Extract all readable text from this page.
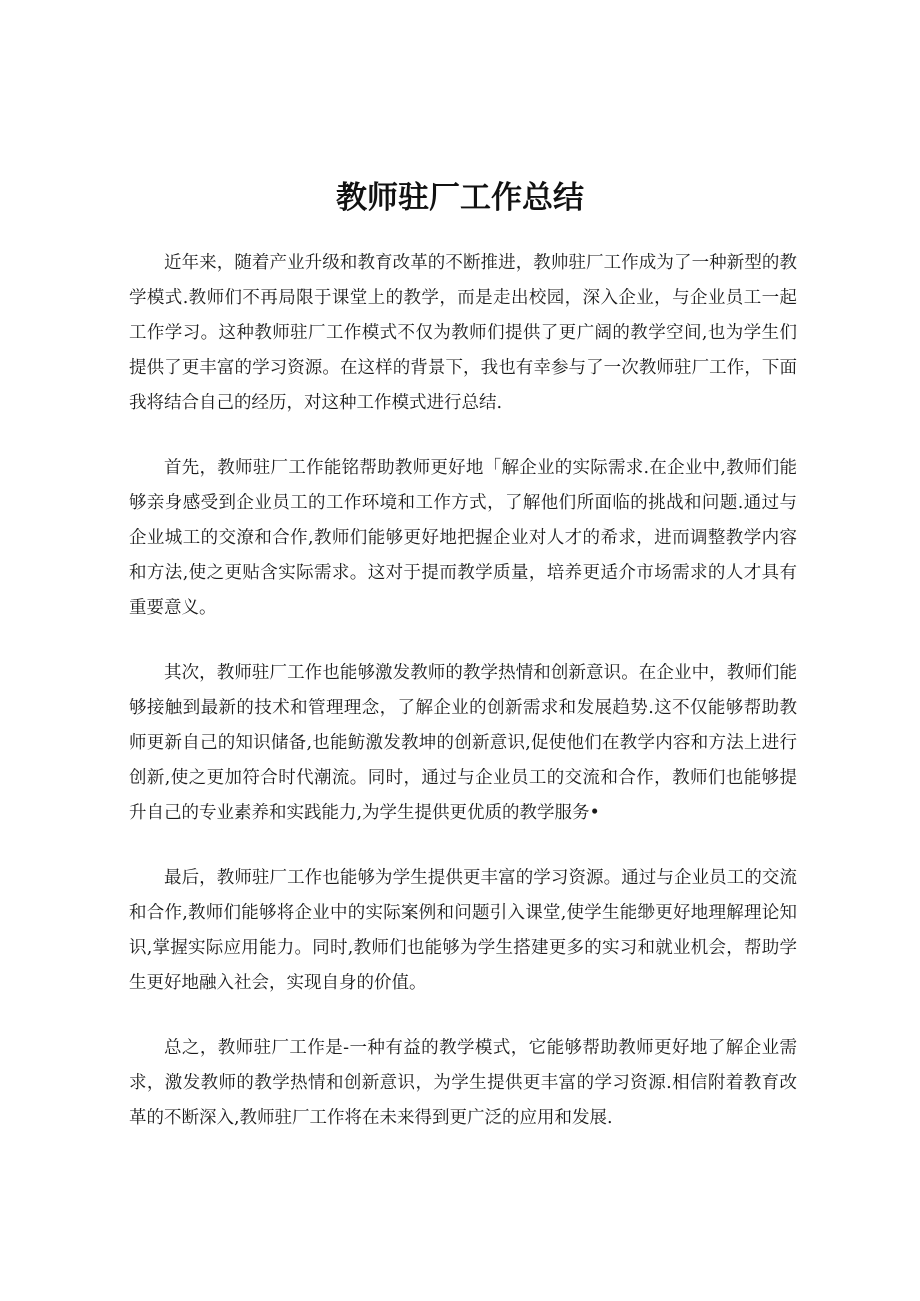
教师驻厂工作总结

近年来，随着产业升级和教育改革的不断推进，教帅驻厂工作成为了一种新型的教学模式.教师们不再局限于课堂上的教学，而是走出校园，深入企业，与企业员工一起工作学习。这种教师驻厂工作模式不仅为教师们提供了更广阔的教学空间,也为学生们提供了更丰富的学习资源。在这样的背景下，我也有幸参与了一次教师驻厂工作，下面我将结合自己的经历，对这种工作模式进行总结.

首先，教师驻厂工作能铭帮助教师更好地「解企业的实际需求.在企业中,教师们能够亲身感受到企业员工的工作环境和工作方式，了解他们所面临的挑战和问题.通过与企业城工的交潦和合作,教师们能够更好地把握企业对人才的希求，进而调整教学内容和方法,使之更贴含实际需求。这对于提而教学质量，培养更适介市场需求的人才具有重要意义。

其次，教师驻厂工作也能够激发教师的教学热情和创新意识。在企业中，教师们能够接触到最新的技术和管理理念，了解企业的创新需求和发展趋势.这不仅能够帮助教师更新自己的知识储备,也能鲂激发教坤的创新意识,促使他们在教学内容和方法上进行创新,使之更加符合时代潮流。同时，通过与企业员工的交流和合作，教师们也能够提升自己的专业素养和实践能力,为学生提供更优质的教学服务•

最后，教师驻厂工作也能够为学生提供更丰富的学习资源。通过与企业员工的交流和合作,教师们能够将企业中的实际案例和问题引入课堂,使学生能缈更好地理解理论知识,掌握实际应用能力。同时,教师们也能够为学生搭建更多的实习和就业机会，帮助学生更好地融入社会，实现自身的价值。

总之，教师驻厂工作是-一种有益的教学模式，它能够帮助教师更好地了解企业需求，激发教师的教学热情和创新意识，为学生提供更丰富的学习资源.相信附着教育改革的不断深入,教师驻厂工作将在未来得到更广泛的应用和发展.
